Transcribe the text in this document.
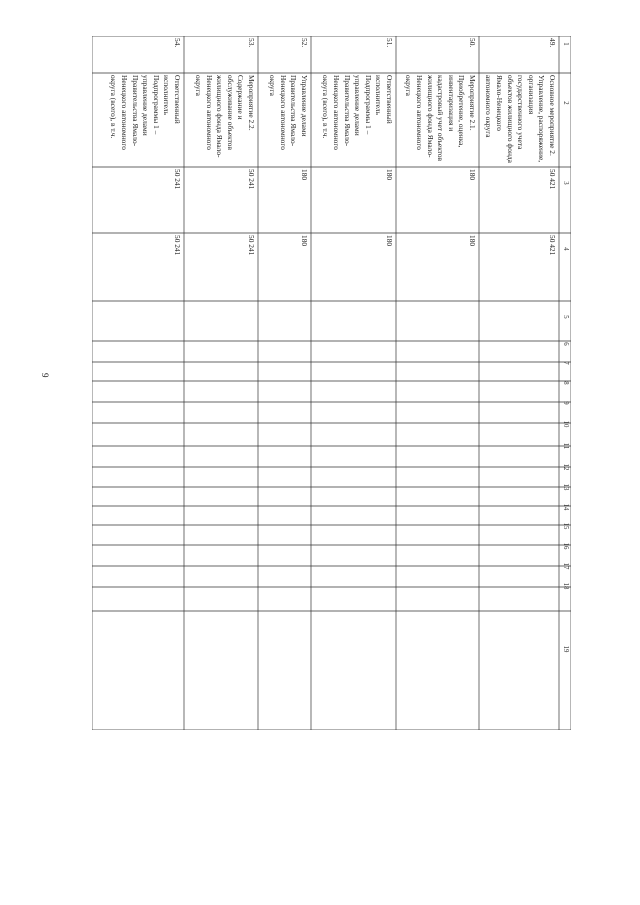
9
1
2
3
4
5
6
7
8
9
10
11
12
13
14
15
16
17
18
19
49.
Основное мероприятие 2.
Управление, распоряжение,
организация
государственного учета
объектов жилищного фонда
Ямало-Ненецкого
автономного округа
50 421
50 421
50.
Мероприятие 2.1.
Приобретение, оценка,
инвентаризация и
кадастровый учет объектов
жилищного фонда Ямало-
Ненецкого автономного
округа
180
180
51.
Ответственный
исполнитель
Подпрограммы 1 –
управление делами
Правительства Ямало-
Ненецкого автономного
округа (всего), в т.ч.
180
180
52.
Управление делами
Правительства Ямало-
Ненецкого автономного
округа
180
180
53.
Мероприятие 2.2.
Содержание и
обслуживание объектов
жилищного фонда Ямало-
Ненецкого автономного
округа
50 241
50 241
54.
Ответственный
исполнитель
Подпрограммы 1 –
управление делами
Правительства Ямало-
Ненецкого автономного
округа (всего), в т.ч.
50 241
50 241
